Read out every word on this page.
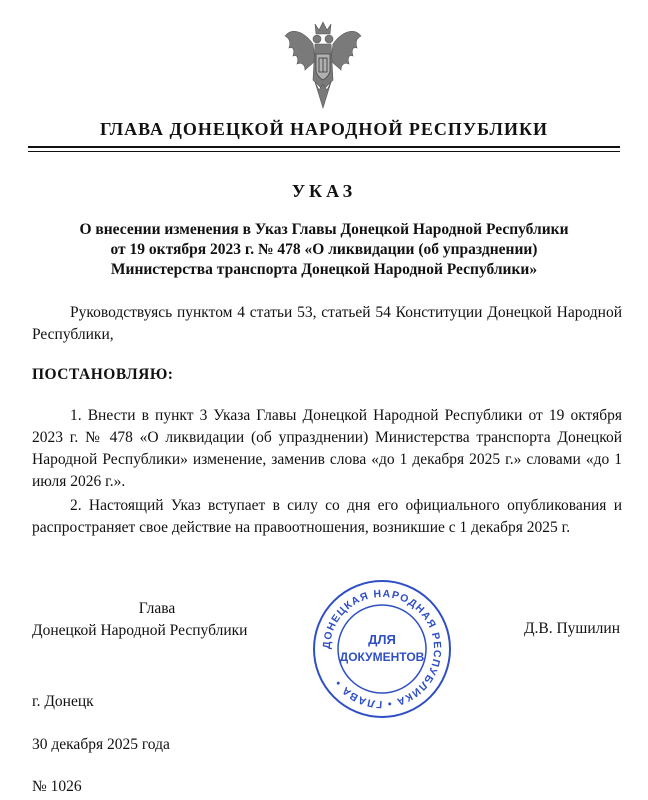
ГЛАВА ДОНЕЦКОЙ НАРОДНОЙ РЕСПУБЛИКИ
УКАЗ
О внесении изменения в Указ Главы Донецкой Народной Республики
от 19 октября 2023 г. № 478 «О ликвидации (об упразднении)
Министерства транспорта Донецкой Народной Республики»
Руководствуясь пунктом 4 статьи 53, статьей 54 Конституции Донецкой Народной Республики,
ПОСТАНОВЛЯЮ:
1. Внести в пункт 3 Указа Главы Донецкой Народной Республики от 19 октября 2023 г. № 478 «О ликвидации (об упразднении) Министерства транспорта Донецкой Народной Республики» изменение, заменив слова «до 1 декабря 2025 г.» словами «до 1 июля 2026 г.».
2. Настоящий Указ вступает в силу со дня его официального опубликования и распространяет свое действие на правоотношения, возникшие с 1 декабря 2025 г.
Глава
Донецкой Народной Республики
ДОНЕЦКАЯ НАРОДНАЯ РЕСПУБЛИКА • ГЛАВА •
ДЛЯ
ДОКУМЕНТОВ
Д.В. Пушилин
г. Донецк
30 декабря 2025 года
№ 1026
